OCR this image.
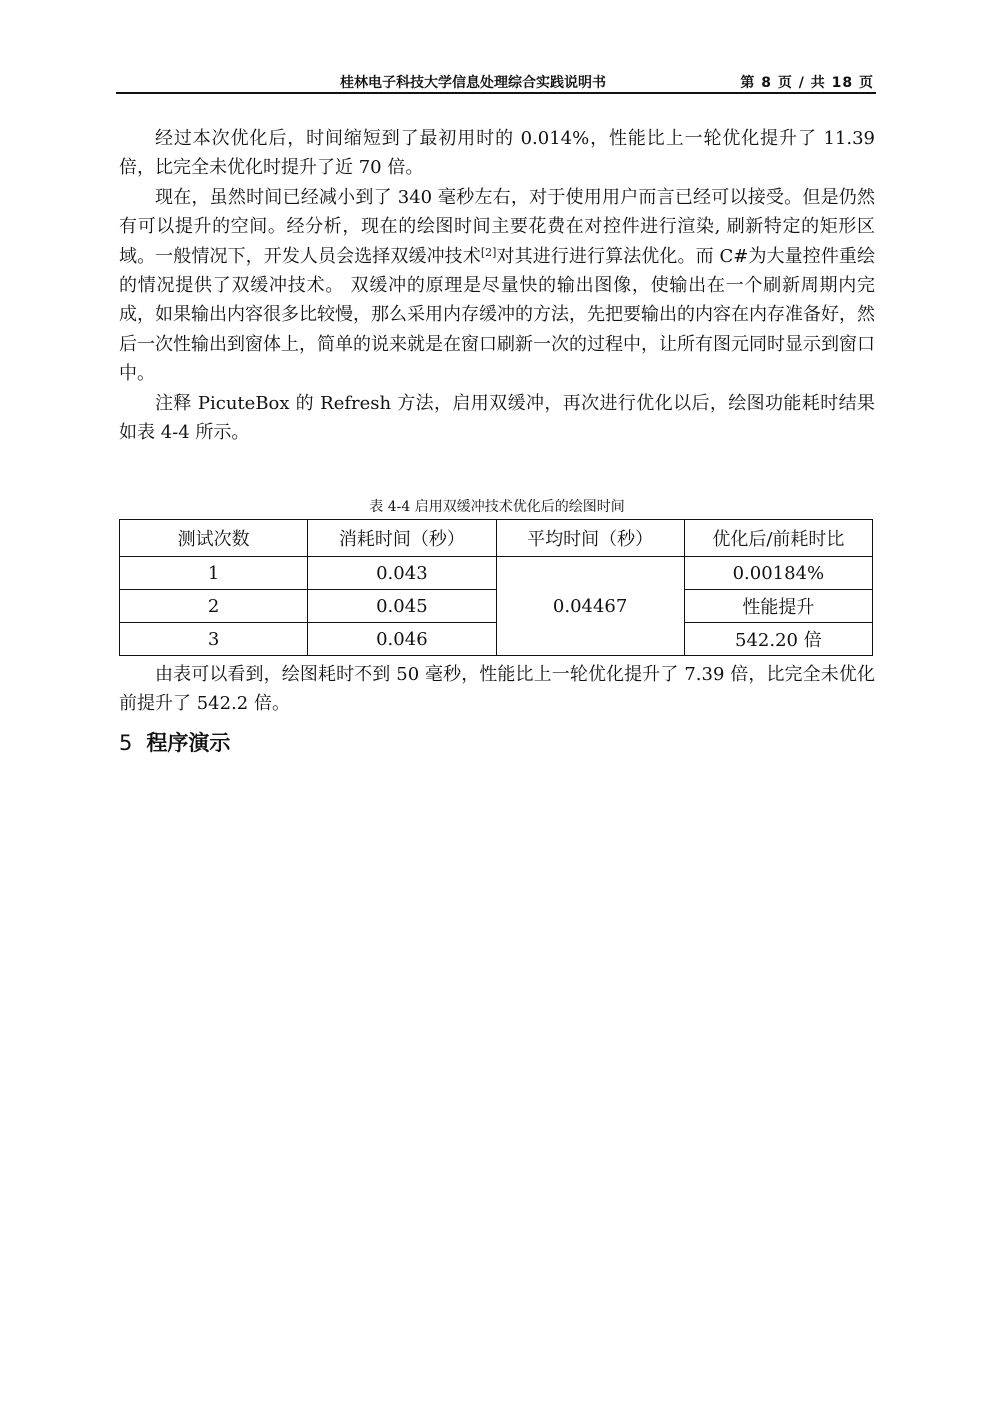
桂林电子科技大学信息处理综合实践说明书	第 8 页 / 共 18 页

经过本次优化后，时间缩短到了最初用时的 0.014%，性能比上一轮优化提升了 11.39 倍，比完全未优化时提升了近 70 倍。

现在，虽然时间已经减小到了 340 毫秒左右，对于使用用户而言已经可以接受。但是仍然有可以提升的空间。经分析，现在的绘图时间主要花费在对控件进行渲染, 刷新特定的矩形区域。一般情况下，开发人员会选择双缓冲技术[2]对其进行进行算法优化。而 C#为大量控件重绘的情况提供了双缓冲技术。 双缓冲的原理是尽量快的输出图像，使输出在一个刷新周期内完成，如果输出内容很多比较慢，那么采用内存缓冲的方法，先把要输出的内容在内存准备好，然后一次性输出到窗体上，简单的说来就是在窗口刷新一次的过程中，让所有图元同时显示到窗口中。

注释 PicuteBox 的 Refresh 方法，启用双缓冲，再次进行优化以后，绘图功能耗时结果如表 4-4 所示。

表 4-4 启用双缓冲技术优化后的绘图时间
测试次数	消耗时间（秒）	平均时间（秒）	优化后/前耗时比
1	0.043	0.04467	0.00184%
2	0.045		性能提升
3	0.046		542.20 倍

由表可以看到，绘图耗时不到 50 毫秒，性能比上一轮优化提升了 7.39 倍，比完全未优化前提升了 542.2 倍。

5 程序演示
